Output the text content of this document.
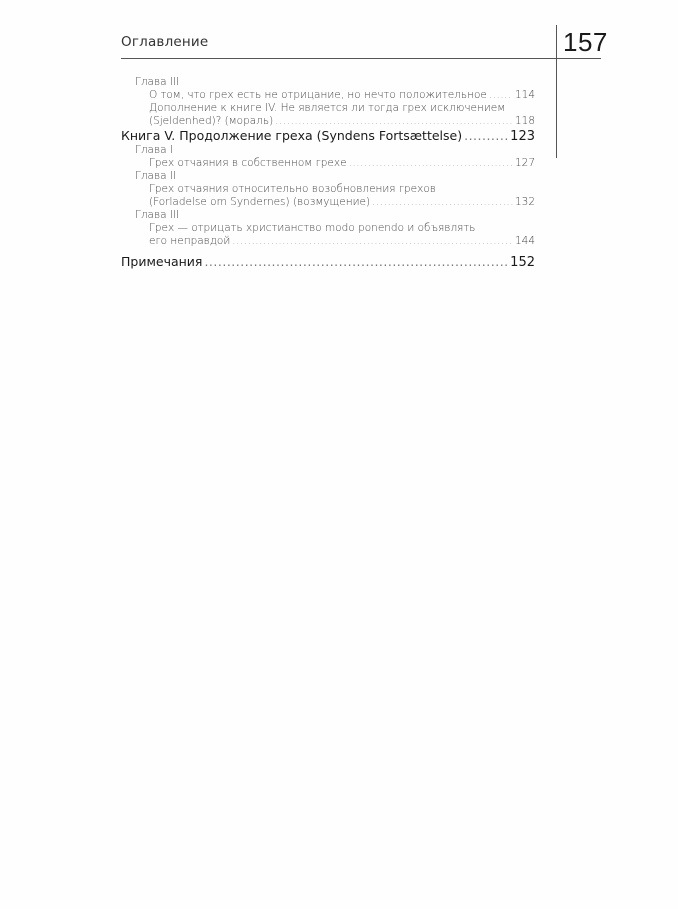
Оглавление	157
Глава III
О том, что грех есть не отрицание, но нечто положительное .....	114
Дополнение к книге IV. Не является ли тогда грех исключением
(Sjeldenhed)? (мораль) .....	118
Книга V. Продолжение греха (Syndens Fortsættelse) .....	123
Глава I
Грех отчаяния в собственном грехе .....	127
Глава II
Грех отчаяния относительно возобновления грехов
(Forladelse om Syndernes) (возмущение) .....	132
Глава III
Грех — отрицать христианство modo ponendo и объявлять
его неправдой .....	144
Примечания .....	152
